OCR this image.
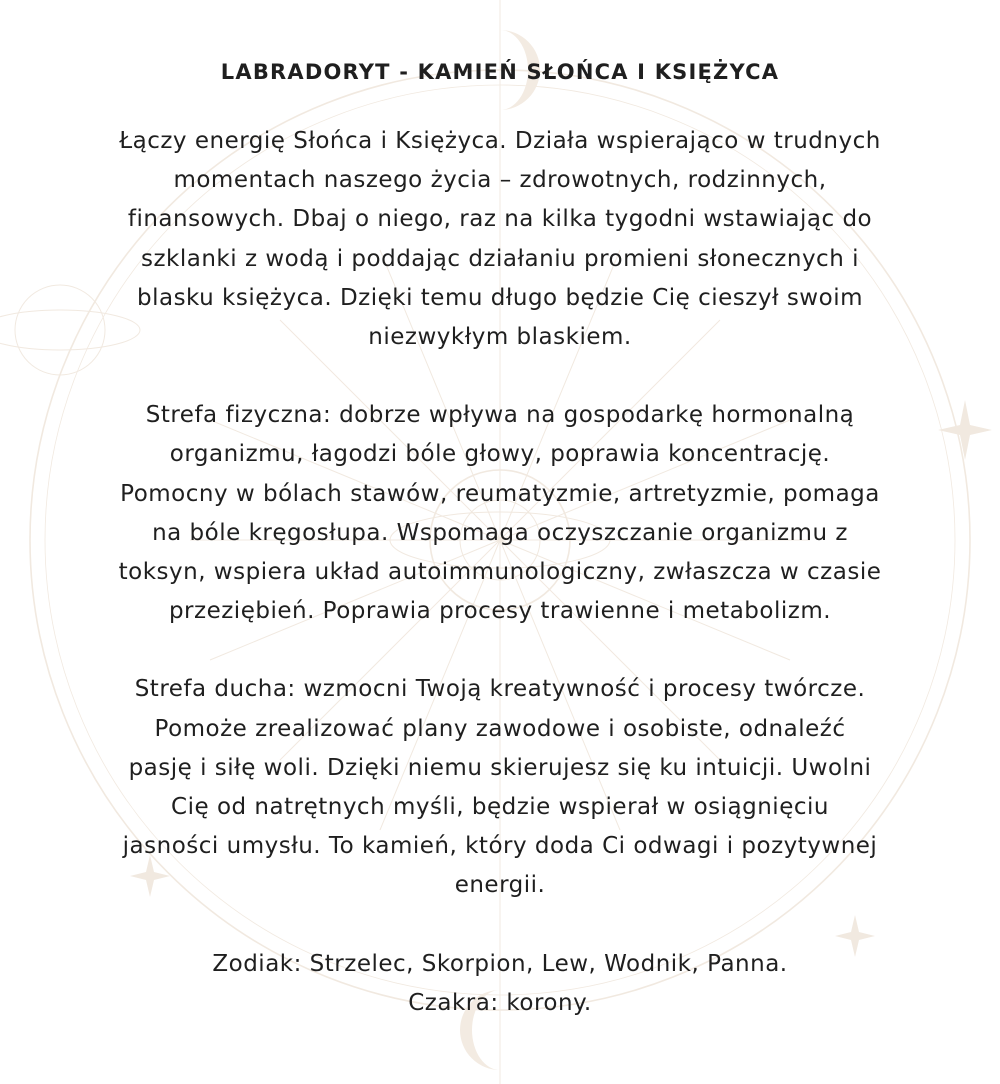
LABRADORYT - KAMIEŃ SŁOŃCA I KSIĘŻYCA
Łączy energię Słońca i Księżyca. Działa wspierająco w trudnych
momentach naszego życia – zdrowotnych, rodzinnych,
finansowych. Dbaj o niego, raz na kilka tygodni wstawiając do
szklanki z wodą i poddając działaniu promieni słonecznych i
blasku księżyca. Dzięki temu długo będzie Cię cieszył swoim
niezwykłym blaskiem.
Strefa fizyczna: dobrze wpływa na gospodarkę hormonalną
organizmu, łagodzi bóle głowy, poprawia koncentrację.
Pomocny w bólach stawów, reumatyzmie, artretyzmie, pomaga
na bóle kręgosłupa. Wspomaga oczyszczanie organizmu z
toksyn, wspiera układ autoimmunologiczny, zwłaszcza w czasie
przeziębień. Poprawia procesy trawienne i metabolizm.
Strefa ducha: wzmocni Twoją kreatywność i procesy twórcze.
Pomoże zrealizować plany zawodowe i osobiste, odnaleźć
pasję i siłę woli. Dzięki niemu skierujesz się ku intuicji. Uwolni
Cię od natrętnych myśli, będzie wspierał w osiągnięciu
jasności umysłu. To kamień, który doda Ci odwagi i pozytywnej
energii.
Zodiak: Strzelec, Skorpion, Lew, Wodnik, Panna.
Czakra: korony.
